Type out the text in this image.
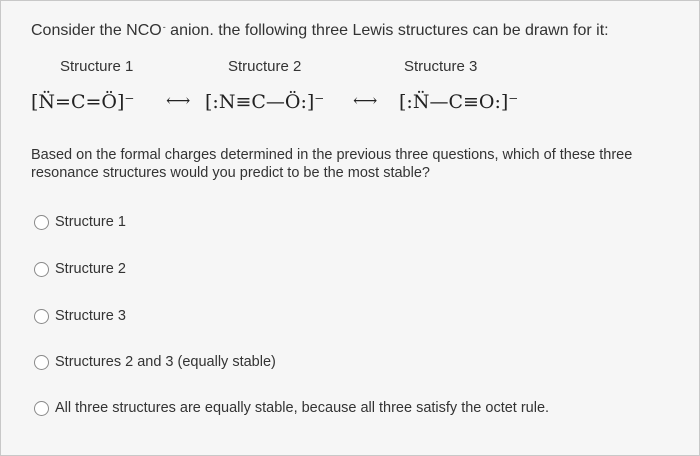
Consider the NCO- anion. the following three Lewis structures can be drawn for it:
Structure 1	Structure 2	Structure 3
[N̈=C=Ö]⁻ ⟷ [:N≡C—Ö:]⁻ ⟷ [:N̈—C≡O:]⁻
Based on the formal charges determined in the previous three questions, which of these three resonance structures would you predict to be the most stable?
Structure 1
Structure 2
Structure 3
Structures 2 and 3 (equally stable)
All three structures are equally stable, because all three satisfy the octet rule.
